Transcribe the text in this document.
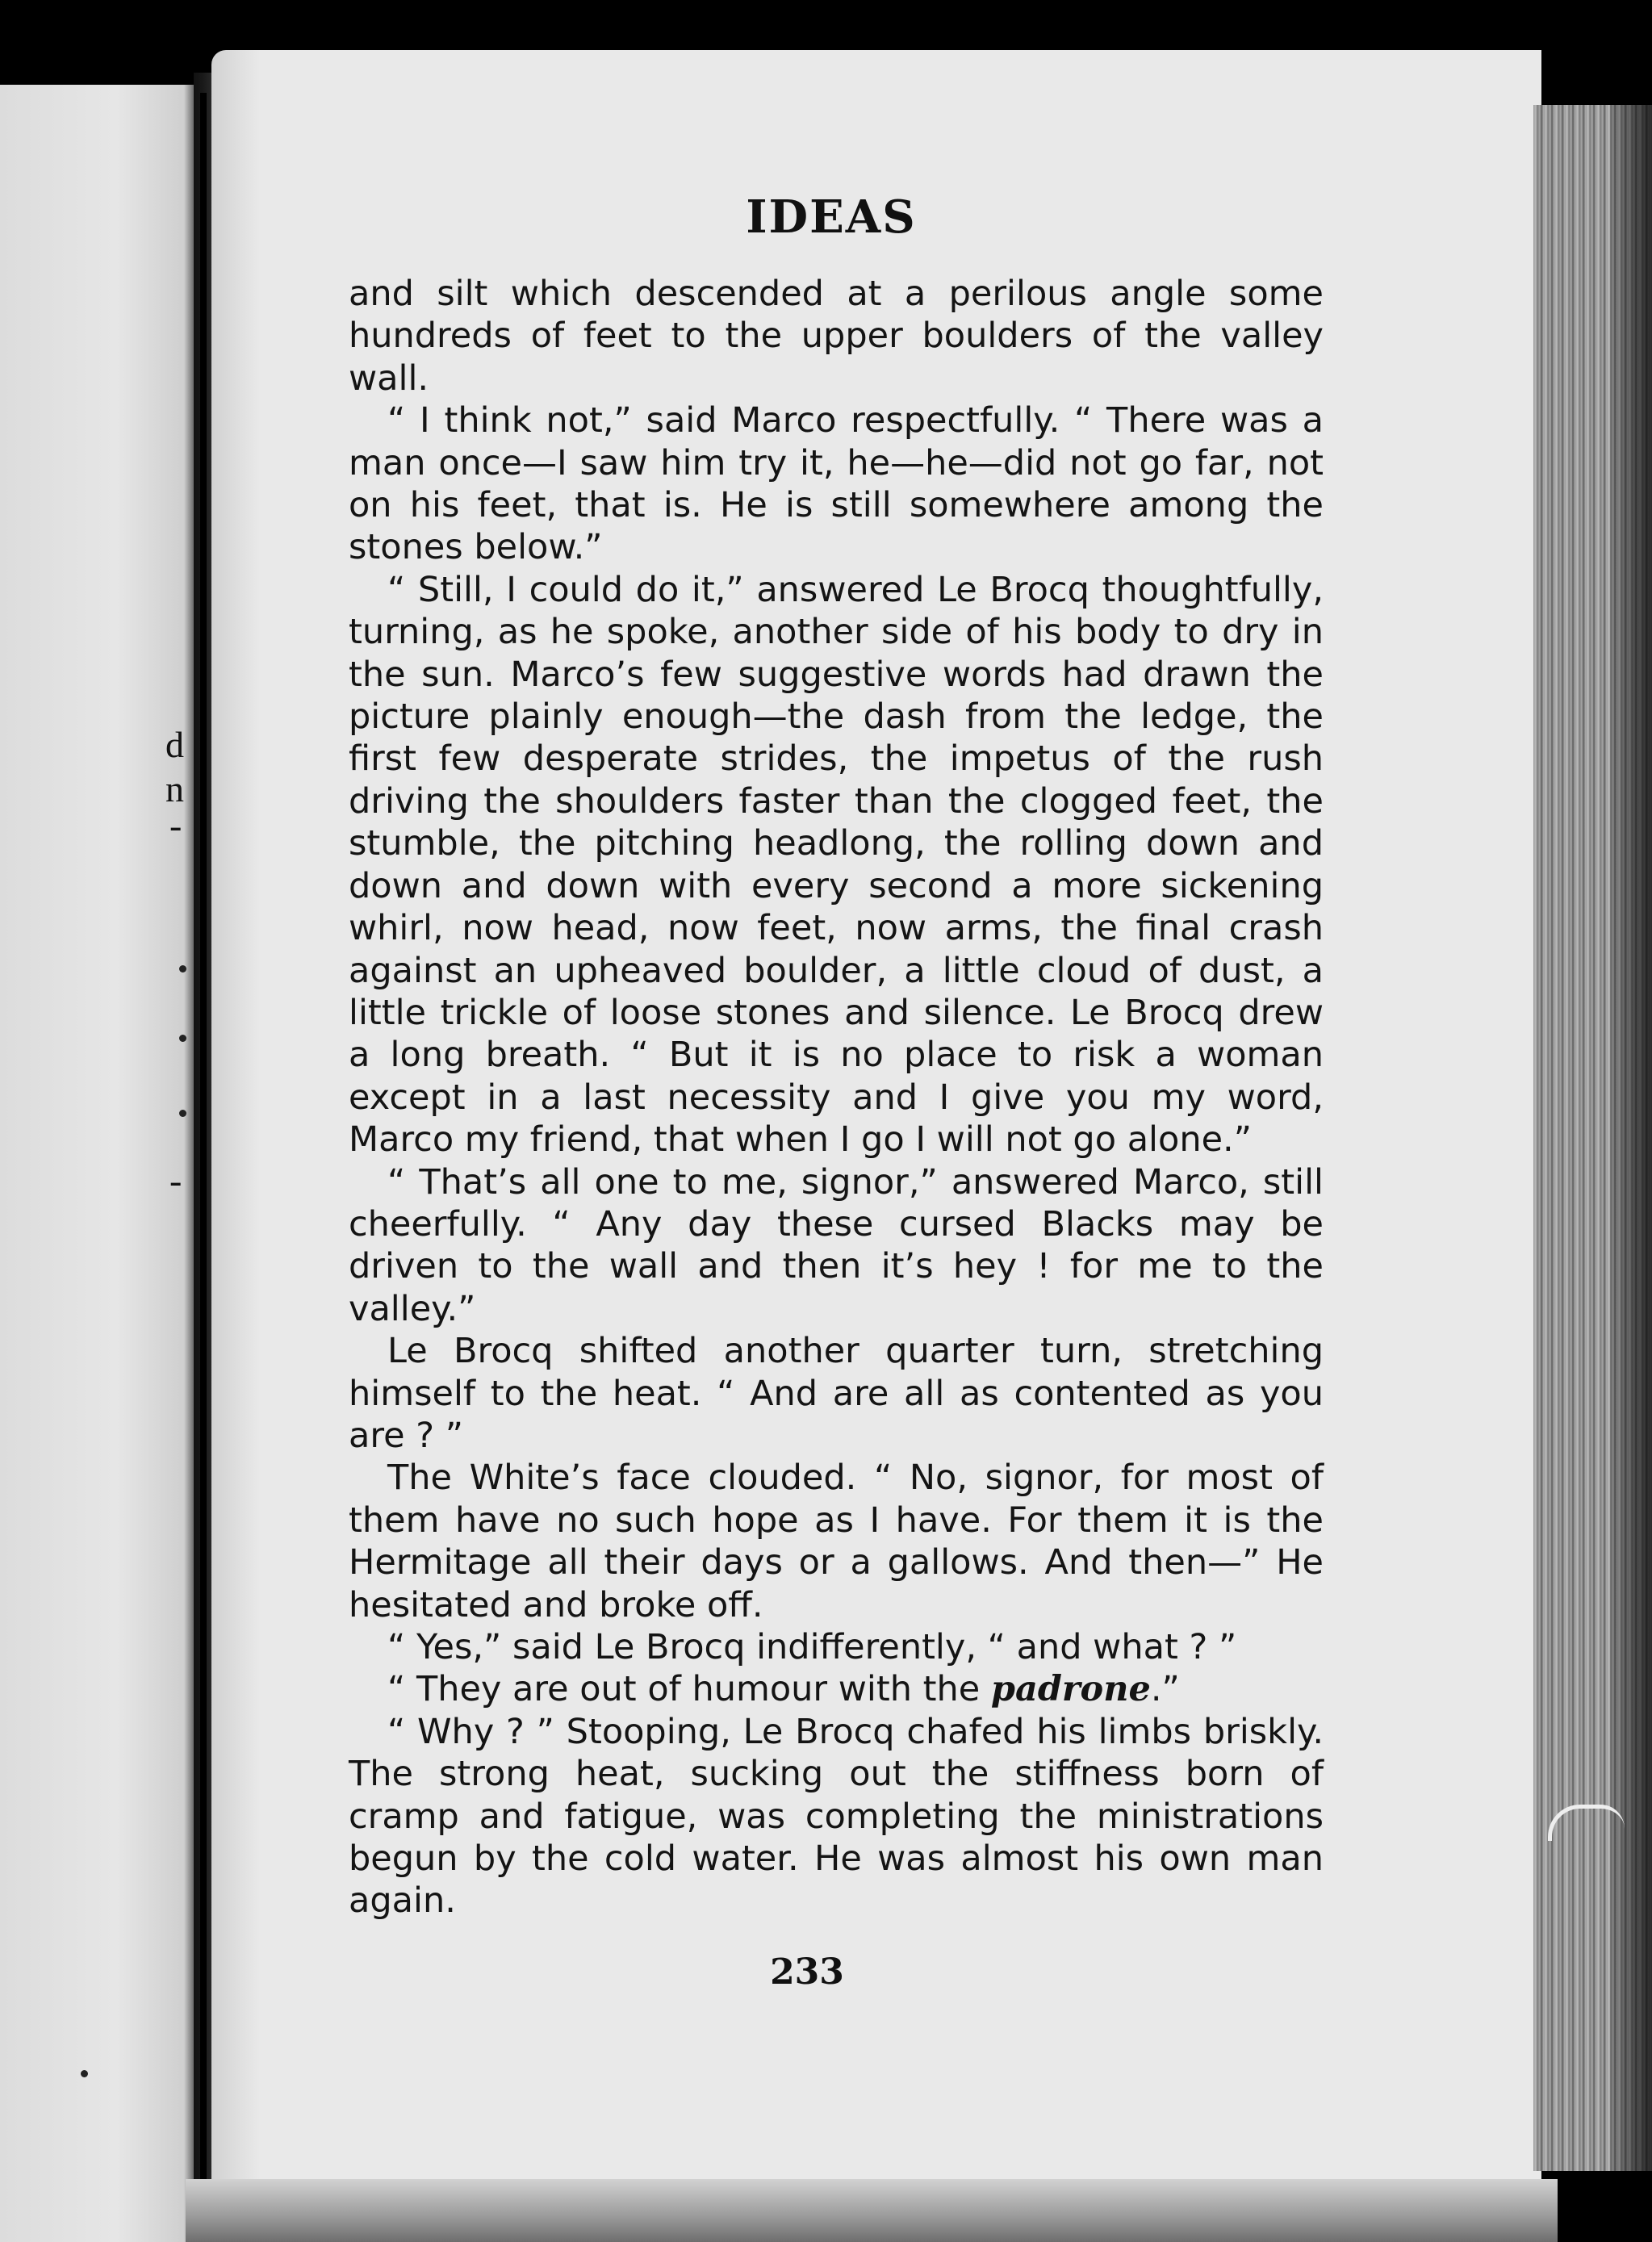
d
n
-
-
IDEAS

and silt which descended at a perilous angle some hundreds of feet to the upper boulders of the valley wall.

“ I think not,” said Marco respectfully. “ There was a man once—I saw him try it, he—he—did not go far, not on his feet, that is. He is still somewhere among the stones below.”

“ Still, I could do it,” answered Le Brocq thoughtfully, turning, as he spoke, another side of his body to dry in the sun. Marco’s few suggestive words had drawn the picture plainly enough—the dash from the ledge, the first few desperate strides, the impetus of the rush driving the shoulders faster than the clogged feet, the stumble, the pitching headlong, the rolling down and down and down with every second a more sickening whirl, now head, now feet, now arms, the final crash against an upheaved boulder, a little cloud of dust, a little trickle of loose stones and silence. Le Brocq drew a long breath. “ But it is no place to risk a woman except in a last necessity and I give you my word, Marco my friend, that when I go I will not go alone.”

“ That’s all one to me, signor,” answered Marco, still cheerfully. “ Any day these cursed Blacks may be driven to the wall and then it’s hey ! for me to the valley.”

Le Brocq shifted another quarter turn, stretching himself to the heat. “ And are all as contented as you are ? ”

The White’s face clouded. “ No, signor, for most of them have no such hope as I have. For them it is the Hermitage all their days or a gallows. And then—” He hesitated and broke off.

“ Yes,” said Le Brocq indifferently, “ and what ? ”

“ They are out of humour with the padrone.”

“ Why ? ” Stooping, Le Brocq chafed his limbs briskly. The strong heat, sucking out the stiffness born of cramp and fatigue, was completing the ministrations begun by the cold water. He was almost his own man again.

233
